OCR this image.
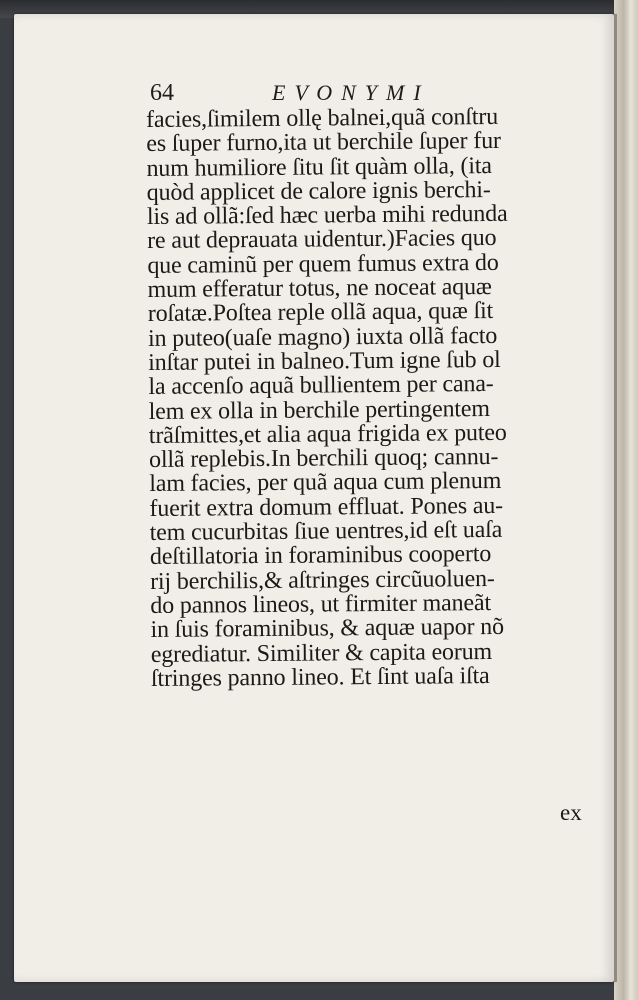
64	EVONYMI
facies,ſimilem ollę balnei,quã conſtru
es ſuper furno,ita ut berchile ſuper fur
num humiliore ſitu ſit quàm olla, (ita
quòd applicet de calore ignis berchi-
lis ad ollã:ſed hæc uerba mihi redunda
re aut deprauata uidentur.)Facies quo
que caminũ per quem fumus extra do
mum efferatur totus, ne noceat aquæ
roſatæ.Poſtea reple ollã aqua, quæ ſit
in puteo(uaſe magno) iuxta ollã facto
inſtar putei in balneo.Tum igne ſub ol
la accenſo aquã bullientem per cana-
lem ex olla in berchile pertingentem
trãſmittes,et alia aqua frigida ex puteo
ollã replebis.In berchili quoq; cannu-
lam facies, per quã aqua cum plenum
fuerit extra domum effluat. Pones au-
tem cucurbitas ſiue uentres,id eſt uaſa
deſtillatoria in foraminibus cooperto
rij berchilis,& aſtringes circũuoluen-
do pannos lineos, ut firmiter maneãt
in ſuis foraminibus, & aquæ uapor nõ
egrediatur. Similiter & capita eorum
ſtringes panno lineo. Et ſint uaſa iſta
ex
